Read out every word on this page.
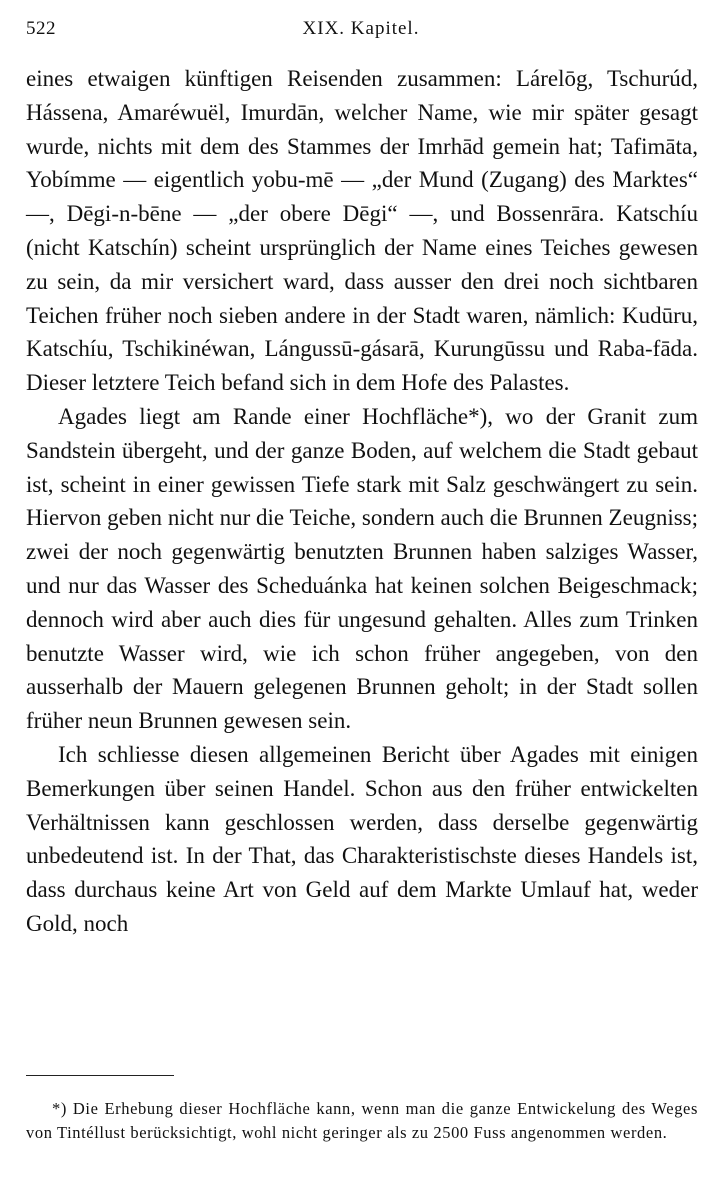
522	XIX. Kapitel.

eines etwaigen künftigen Reisenden zusammen: Lárelōg, Tschurúd, Hássena, Amaréwuël, Imurdān, welcher Name, wie mir später gesagt wurde, nichts mit dem des Stammes der Imrhād gemein hat; Tafimāta, Yobímme — eigentlich yobu-mē — „der Mund (Zugang) des Marktes“ —, Dēgi-n-bēne — „der obere Dēgi“ —, und Bossenrāra. Katschíu (nicht Katschín) scheint ursprünglich der Name eines Teiches gewesen zu sein, da mir versichert ward, dass ausser den drei noch sichtbaren Teichen früher noch sieben andere in der Stadt waren, nämlich: Kudūru, Katschíu, Tschikinéwan, Lángussū-gásarā, Kurungūssu und Raba-fāda. Dieser letztere Teich befand sich in dem Hofe des Palastes.

Agades liegt am Rande einer Hochfläche*), wo der Granit zum Sandstein übergeht, und der ganze Boden, auf welchem die Stadt gebaut ist, scheint in einer gewissen Tiefe stark mit Salz geschwängert zu sein. Hiervon geben nicht nur die Teiche, sondern auch die Brunnen Zeugniss; zwei der noch gegenwärtig benutzten Brunnen haben salziges Wasser, und nur das Wasser des Scheduánka hat keinen solchen Beigeschmack; dennoch wird aber auch dies für ungesund gehalten. Alles zum Trinken benutzte Wasser wird, wie ich schon früher angegeben, von den ausserhalb der Mauern gelegenen Brunnen geholt; in der Stadt sollen früher neun Brunnen gewesen sein.

Ich schliesse diesen allgemeinen Bericht über Agades mit einigen Bemerkungen über seinen Handel. Schon aus den früher entwickelten Verhältnissen kann geschlossen werden, dass derselbe gegenwärtig unbedeutend ist. In der That, das Charakteristischste dieses Handels ist, dass durchaus keine Art von Geld auf dem Markte Umlauf hat, weder Gold, noch

*) Die Erhebung dieser Hochfläche kann, wenn man die ganze Entwickelung des Weges von Tintéllust berücksichtigt, wohl nicht geringer als zu 2500 Fuss angenommen werden.
